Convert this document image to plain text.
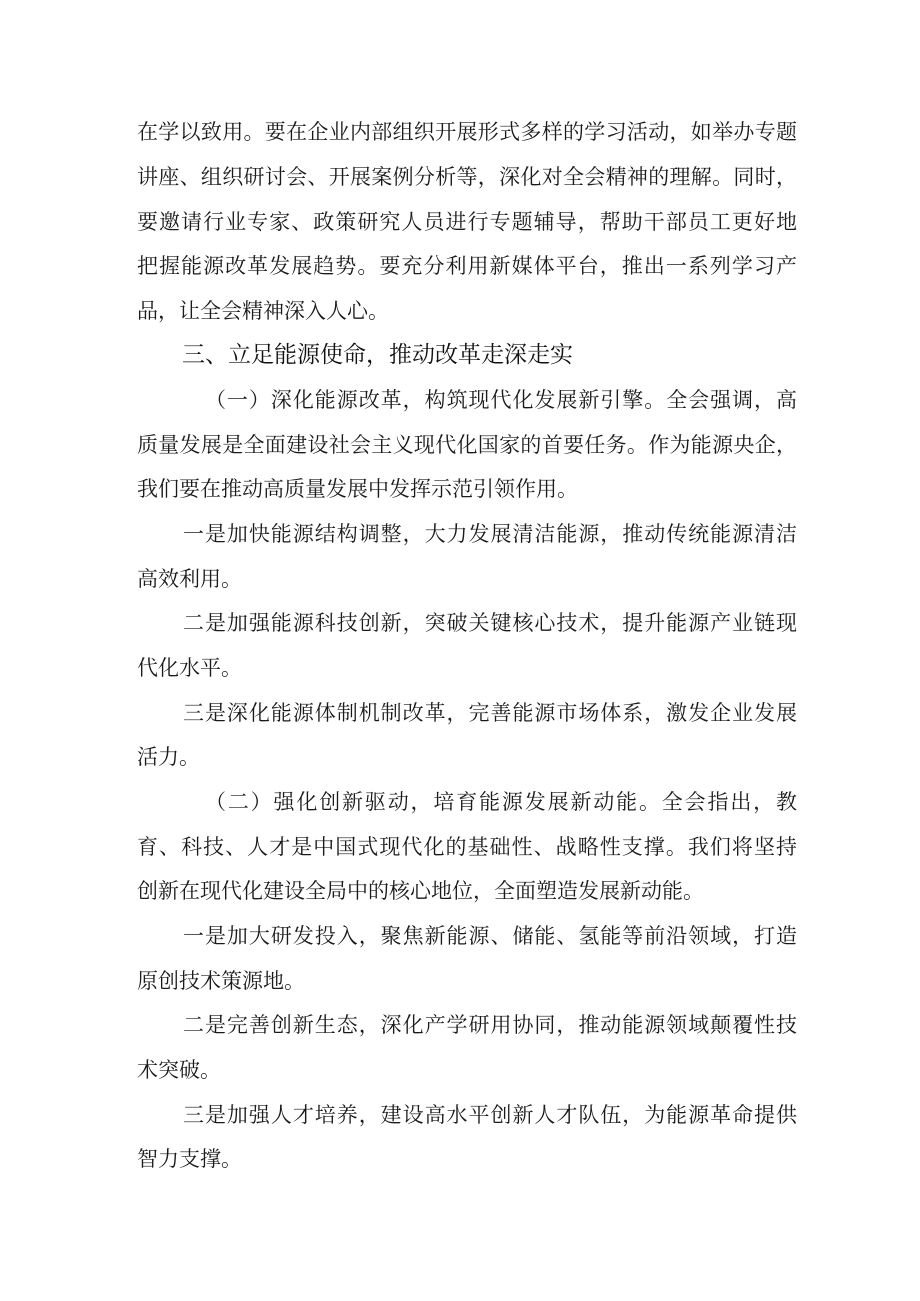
在学以致用。要在企业内部组织开展形式多样的学习活动，如举办专题
讲座、组织研讨会、开展案例分析等，深化对全会精神的理解。同时，
要邀请行业专家、政策研究人员进行专题辅导，帮助干部员工更好地
把握能源改革发展趋势。要充分利用新媒体平台，推出一系列学习产
品，让全会精神深入人心。
三、立足能源使命，推动改革走深走实
（一）深化能源改革，构筑现代化发展新引擎。全会强调，高
质量发展是全面建设社会主义现代化国家的首要任务。作为能源央企，
我们要在推动高质量发展中发挥示范引领作用。
一是加快能源结构调整，大力发展清洁能源，推动传统能源清洁
高效利用。
二是加强能源科技创新，突破关键核心技术，提升能源产业链现
代化水平。
三是深化能源体制机制改革，完善能源市场体系，激发企业发展
活力。
（二）强化创新驱动，培育能源发展新动能。全会指出，教
育、科技、人才是中国式现代化的基础性、战略性支撑。我们将坚持
创新在现代化建设全局中的核心地位，全面塑造发展新动能。
一是加大研发投入，聚焦新能源、储能、氢能等前沿领域，打造
原创技术策源地。
二是完善创新生态，深化产学研用协同，推动能源领域颠覆性技
术突破。
三是加强人才培养，建设高水平创新人才队伍，为能源革命提供
智力支撑。
